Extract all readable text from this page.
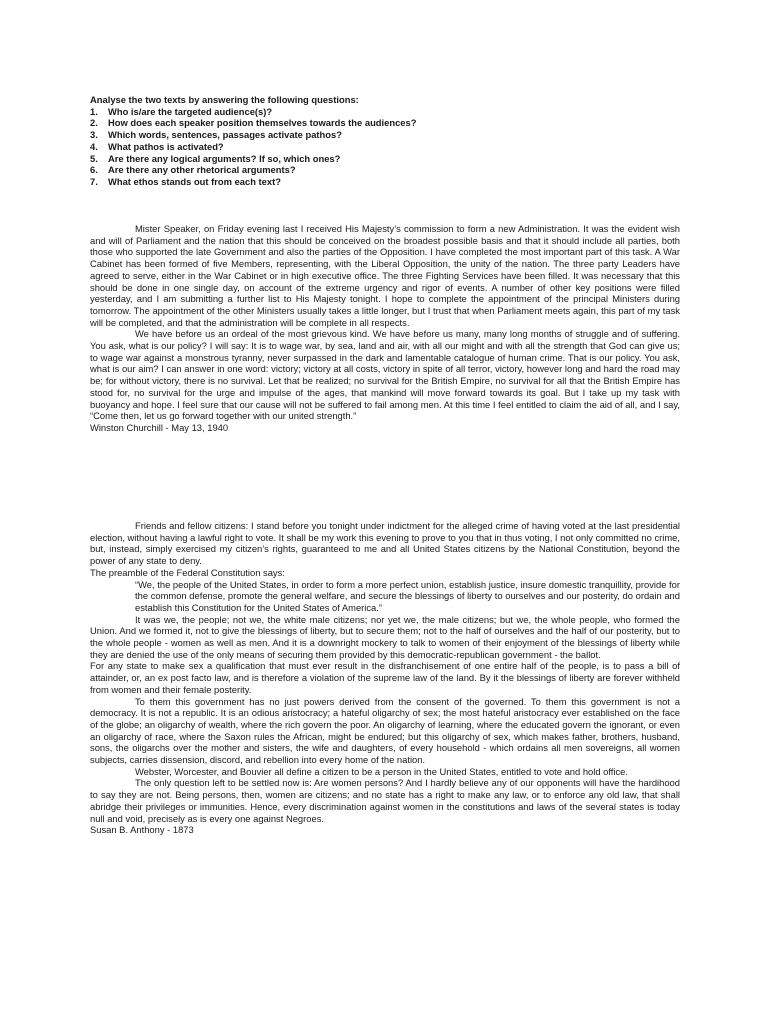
Analyse the two texts by answering the following questions:

1.	Who is/are the targeted audience(s)?
2.	How does each speaker position themselves towards the audiences?
3.	Which words, sentences, passages activate pathos?
4.	What pathos is activated?
5.	Are there any logical arguments? If so, which ones?
6.	Are there any other rhetorical arguments?
7.	What ethos stands out from each text?

Mister Speaker, on Friday evening last I received His Majesty’s commission to form a new Administration. It was the evident wish and will of Parliament and the nation that this should be conceived on the broadest possible basis and that it should include all parties, both those who supported the late Government and also the parties of the Opposition. I have completed the most important part of this task. A War Cabinet has been formed of five Members, representing, with the Liberal Opposition, the unity of the nation. The three party Leaders have agreed to serve, either in the War Cabinet or in high executive office. The three Fighting Services have been filled. It was necessary that this should be done in one single day, on account of the extreme urgency and rigor of events. A number of other key positions were filled yesterday, and I am submitting a further list to His Majesty tonight. I hope to complete the appointment of the principal Ministers during tomorrow. The appointment of the other Ministers usually takes a little longer, but I trust that when Parliament meets again, this part of my task will be completed, and that the administration will be complete in all respects.

We have before us an ordeal of the most grievous kind. We have before us many, many long months of struggle and of suffering. You ask, what is our policy? I will say: It is to wage war, by sea, land and air, with all our might and with all the strength that God can give us; to wage war against a monstrous tyranny, never surpassed in the dark and lamentable catalogue of human crime. That is our policy. You ask, what is our aim? I can answer in one word: victory; victory at all costs, victory in spite of all terror, victory, however long and hard the road may be; for without victory, there is no survival. Let that be realized; no survival for the British Empire, no survival for all that the British Empire has stood for, no survival for the urge and impulse of the ages, that mankind will move forward towards its goal. But I take up my task with buoyancy and hope. I feel sure that our cause will not be suffered to fail among men. At this time I feel entitled to claim the aid of all, and I say, “Come then, let us go forward together with our united strength.”

Winston Churchill - May 13, 1940

Friends and fellow citizens: I stand before you tonight under indictment for the alleged crime of having voted at the last presidential election, without having a lawful right to vote. It shall be my work this evening to prove to you that in thus voting, I not only committed no crime, but, instead, simply exercised my citizen’s rights, guaranteed to me and all United States citizens by the National Constitution, beyond the power of any state to deny.

The preamble of the Federal Constitution says:

“We, the people of the United States, in order to form a more perfect union, establish justice, insure domestic tranquillity, provide for the common defense, promote the general welfare, and secure the blessings of liberty to ourselves and our posterity, do ordain and establish this Constitution for the United States of America.”

It was we, the people; not we, the white male citizens; nor yet we, the male citizens; but we, the whole people, who formed the Union. And we formed it, not to give the blessings of liberty, but to secure them; not to the half of ourselves and the half of our posterity, but to the whole people - women as well as men. And it is a downright mockery to talk to women of their enjoyment of the blessings of liberty while they are denied the use of the only means of securing them provided by this democratic-republican government - the ballot.

For any state to make sex a qualification that must ever result in the disfranchisement of one entire half of the people, is to pass a bill of attainder, or, an ex post facto law, and is therefore a violation of the supreme law of the land. By it the blessings of liberty are forever withheld from women and their female posterity.

To them this government has no just powers derived from the consent of the governed. To them this government is not a democracy. It is not a republic. It is an odious aristocracy; a hateful oligarchy of sex; the most hateful aristocracy ever established on the face of the globe; an oligarchy of wealth, where the rich govern the poor. An oligarchy of learning, where the educated govern the ignorant, or even an oligarchy of race, where the Saxon rules the African, might be endured; but this oligarchy of sex, which makes father, brothers, husband, sons, the oligarchs over the mother and sisters, the wife and daughters, of every household - which ordains all men sovereigns, all women subjects, carries dissension, discord, and rebellion into every home of the nation.

Webster, Worcester, and Bouvier all define a citizen to be a person in the United States, entitled to vote and hold office.

The only question left to be settled now is: Are women persons? And I hardly believe any of our opponents will have the hardihood to say they are not. Being persons, then, women are citizens; and no state has a right to make any law, or to enforce any old law, that shall abridge their privileges or immunities. Hence, every discrimination against women in the constitutions and laws of the several states is today null and void, precisely as is every one against Negroes.

Susan B. Anthony - 1873
